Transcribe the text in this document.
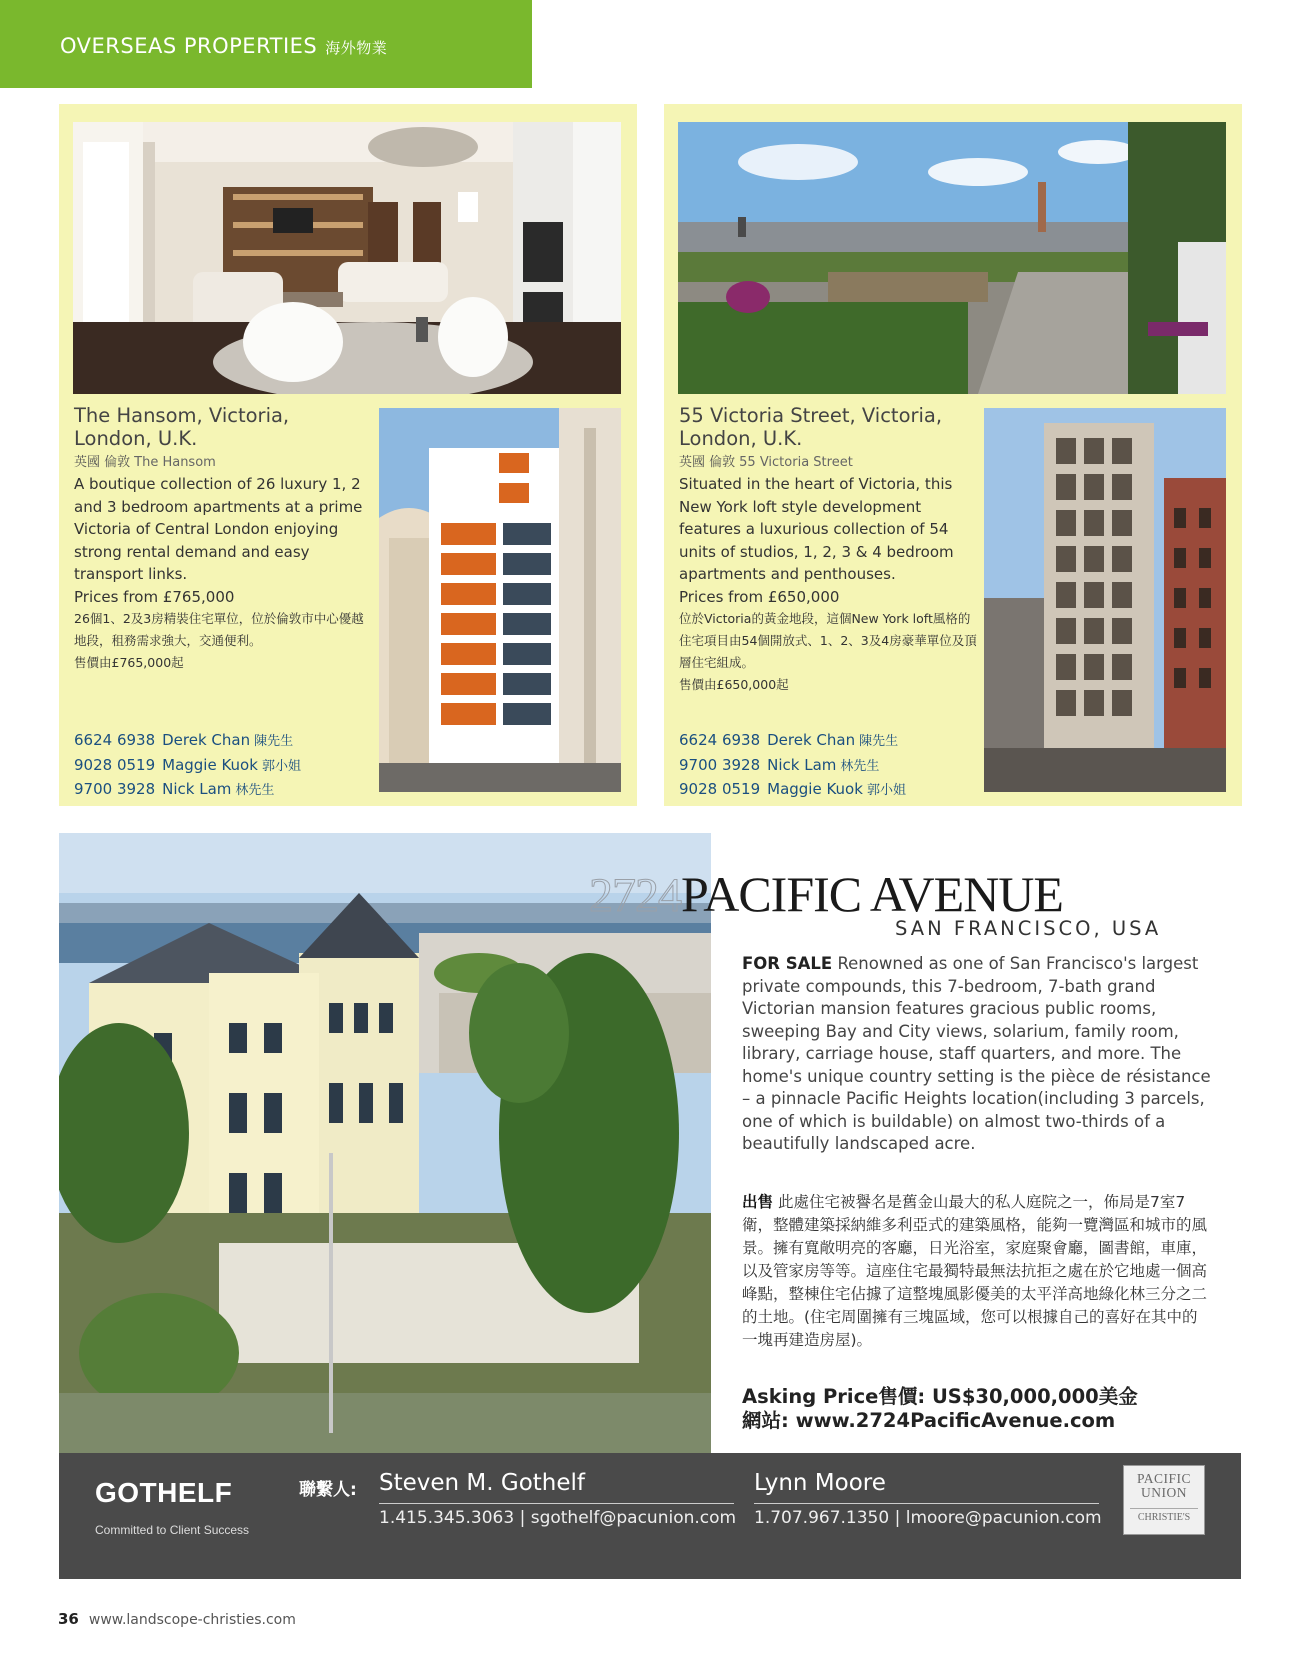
OVERSEAS PROPERTIES 海外物業
The Hansom, Victoria,
London, U.K.
英國 倫敦 The Hansom
A boutique collection of 26 luxury 1, 2 and 3 bedroom apartments at a prime Victoria of Central London enjoying strong rental demand and easy transport links.
Prices from £765,000
26個1、2及3房精裝住宅單位，位於倫敦市中心優越地段，租務需求強大，交通便利。
售價由£765,000起
6624 6938 Derek Chan 陳先生
9028 0519 Maggie Kuok 郭小姐
9700 3928 Nick Lam 林先生
55 Victoria Street, Victoria,
London, U.K.
英國 倫敦 55 Victoria Street
Situated in the heart of Victoria, this New York loft style development features a luxurious collection of 54 units of studios, 1, 2, 3 & 4 bedroom apartments and penthouses.
Prices from £650,000
位於Victoria的黃金地段，這個New York loft風格的住宅項目由54個開放式、1、2、3及4房豪華單位及頂層住宅組成。
售價由£650,000起
6624 6938 Derek Chan 陳先生
9700 3928 Nick Lam 林先生
9028 0519 Maggie Kuok 郭小姐
2724PACIFIC AVENUE
SAN FRANCISCO, USA
FOR SALE Renowned as one of San Francisco's largest private compounds, this 7-bedroom, 7-bath grand Victorian mansion features gracious public rooms, sweeping Bay and City views, solarium, family room, library, carriage house, staff quarters, and more. The home's unique country setting is the pièce de résistance – a pinnacle Pacific Heights location(including 3 parcels, one of which is buildable) on almost two-thirds of a beautifully landscaped acre.
出售 此處住宅被譽名是舊金山最大的私人庭院之一，佈局是7室7衛，整體建築採納維多利亞式的建築風格，能夠一覽灣區和城市的風景。擁有寬敞明亮的客廳，日光浴室，家庭聚會廳，圖書館，車庫，以及管家房等等。這座住宅最獨特最無法抗拒之處在於它地處一個高峰點，整棟住宅佔據了這整塊風影優美的太平洋高地綠化林三分之二的土地。(住宅周圍擁有三塊區域，您可以根據自己的喜好在其中的一塊再建造房屋)。
Asking Price售價: US$30,000,000美金
網站: www.2724PacificAvenue.com
GOTHELF
Committed to Client Success
聯繫人: Steven M. Gothelf
1.415.345.3063 | sgothelf@pacunion.com
Lynn Moore
1.707.967.1350 | lmoore@pacunion.com
PACIFIC
UNION
CHRISTIE'S
36 www.landscope-christies.com
